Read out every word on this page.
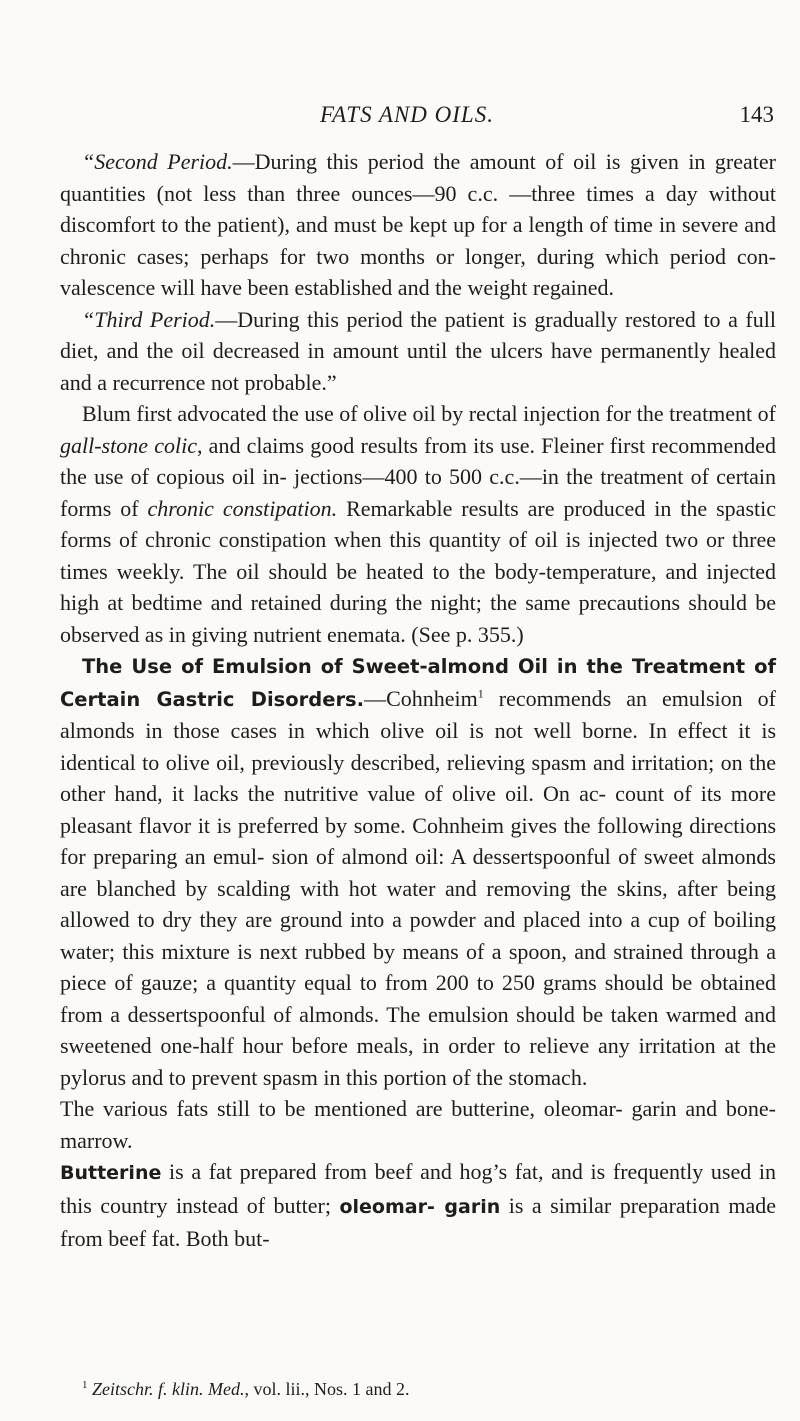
FATS AND OILS.	143

“Second Period.—During this period the amount of oil is given in greater quantities (not less than three ounces—90 c.c. —three times a day without discomfort to the patient), and must be kept up for a length of time in severe and chronic cases; perhaps for two months or longer, during which period con- valescence will have been established and the weight regained.

“Third Period.—During this period the patient is gradually restored to a full diet, and the oil decreased in amount until the ulcers have permanently healed and a recurrence not probable.”

Blum first advocated the use of olive oil by rectal injection for the treatment of gall-stone colic, and claims good results from its use. Fleiner first recommended the use of copious oil in- jections—400 to 500 c.c.—in the treatment of certain forms of chronic constipation. Remarkable results are produced in the spastic forms of chronic constipation when this quantity of oil is injected two or three times weekly. The oil should be heated to the body-temperature, and injected high at bedtime and retained during the night; the same precautions should be observed as in giving nutrient enemata. (See p. 355.)

The Use of Emulsion of Sweet-almond Oil in the Treatment of Certain Gastric Disorders.—Cohnheim$^1$ recommends an emulsion of almonds in those cases in which olive oil is not well borne. In effect it is identical to olive oil, previously described, relieving spasm and irritation; on the other hand, it lacks the nutritive value of olive oil. On ac- count of its more pleasant flavor it is preferred by some. Cohnheim gives the following directions for preparing an emul- sion of almond oil: A dessertspoonful of sweet almonds are blanched by scalding with hot water and removing the skins, after being allowed to dry they are ground into a powder and placed into a cup of boiling water; this mixture is next rubbed by means of a spoon, and strained through a piece of gauze; a quantity equal to from 200 to 250 grams should be obtained from a dessertspoonful of almonds. The emulsion should be taken warmed and sweetened one-half hour before meals, in order to relieve any irritation at the pylorus and to prevent spasm in this portion of the stomach.

The various fats still to be mentioned are butterine, oleomar- garin and bone-marrow.

Butterine is a fat prepared from beef and hog’s fat, and is frequently used in this country instead of butter; oleomar- garin is a similar preparation made from beef fat. Both but-

$^1$ Zeitschr. f. klin. Med., vol. lii., Nos. 1 and 2.
